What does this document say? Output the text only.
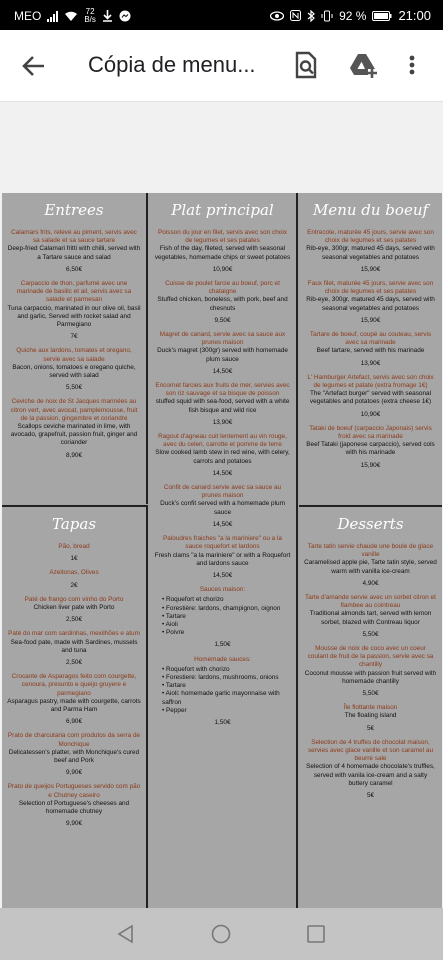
MEO	72
B/s	92 % 21:00
Cópia de menu...
Entrees
Calamars frits, relevé au piment, servis avec sa salade et sa sauce tartare
Deep-fried Calamari fritti with chilli, served with a Tartare sauce and salad
6,50€
Carpaccio de thon, parfumé avec une marinade de basilic et ail, servis avec sa salade et parmesan
Tuna carpaccio, marinated in our olive oil, basil and garlic, Served with rocket salad and Parmegiano
7€
Quiche aux lardons, tomates et oregano, servie avec sa salade
Bacon, onions, tomatoes e oregano quiche, served with salad
5,50€
Ceviche de noix de St Jacques marinées au citron vert, avec avocat, pamplemousse, fruit de la passion, gingembre et coriandre
Scallops ceviche marinated in lime, with avocado, grapefruit, passion fruit, ginger and coriander
8,90€
Plat principal
Poisson du jour en filet, servis avec son choix de legumes et ses patates
Fish of the day, fileted, served with seasonal vegetables, homemade chips or sweet potatoes
10,90€
Cuisse de poulet farcie au boeuf, porc et chataigne
Stuffed chicken, boneless, with pork, beef and chesnuts
9,50€
Magret de canard, servie avec sa sauce aux prunes maison
Duck's magret (300gr) served with homemade plum sauce
14,50€
Encornet farcies aux fruits de mer, servies avec son riz sauvage et sa bisque de poisson
stuffed squid with sea-food, served with a white fish bisque and wild rice
13,90€
Ragout d'agneau cuit lentement au vin rouge, avec du celeri, carrotte et pomme de terre
Slow cooked lamb stew in red wine, with celery, carrots and potatoes
14,50€
Confit de canard servie avec sa sauce au prunes maison
Duck's confit served with a homemade plum sauce
14,50€
Paloudres fraiches "a la mariniere" ou a la sauce roquefort et lardons
Fresh clams "a la mariniere" or with a Roquefort and lardons sauce
14,50€
Sauces maison:
• Roquefort et chorizo
• Forestière: lardons, champignon, oignon
• Tartare
• Aioli
• Poivre
1,50€
Homemade sauces:
• Roquefort with chorizo
• Forestiere: lardons, mushrooms, onions
• Tartare
• Aioli: homemade garlic mayonnaise with saffron
• Pepper
1,50€
Menu du boeuf
Entrecote, maturée 45 jours, servie avec son choix de legumes et ses patates
Rib-eye, 300gr, matured 45 days, served with seasonal vegetables and potatoes
15,90€
Faux filet, maturée 45 jours, servie avec son choix de legumes et ses patates
Rib-eye, 300gr, matured 45 days, served with seasonal vegetables and potatoes
15,90€
Tartare de boeuf, coupé au couteau, servis avec sa marinade
Beef tartare, served with his marinade
13,90€
L' Hamburger Artefact, servis avec son choix de legumes et patate (extra fromage 1€)
The "Artefact burger" served with seasonal vegetables and potatoes (extra cheese 1€)
10,90€
Tataki de boeuf (carpaccio Japonais) servis froid avec sa marinade
Beef Tataki (japonese carpaccio), served cols with his marinade
15,90€
Tapas
Pão, bread
1€
Azeitonas, Olives
2€
Paté de frango com vinho do Porto
Chicken liver pate with Porto
2,50€
Paté do mar com sardinhas, mexilhões e atum
Sea-food pate, made with Sardines, mussels and tuna
2,50€
Crocante de Asparagos feito com courgette, cenoura, presunto e queijo gruyere e parmegiano
Asparagus pastry, made with courgette, carrots and Parma Ham
6,90€
Prato de charcutaria com produtos da serra de Monchique
Delicatessen's platter, with Monchique's cured beef and Pork
9,90€
Prato de queijos Portugueses servido com pão e Chutney caseiro
Selection of Portuguese's cheeses and homemade chutney
9,90€
Desserts
Tarte tatin servie chaude une boule de glace vanille
Caramelised apple pie, Tarte tatin style, served warm with vanilla ice-cream
4,90€
Tarte d'amande servie avec un sorbet citron et flambee au cointreau
Traditional almonds tart, served with lemon sorbet, blazed with Contreau liquor
5,50€
Mousse de noix de coco avec un coeur coulant de fruit de la passion, servie avec sa chantilly
Coconut mousse with passion fruit served with homemade chantilly
5,50€
Île flottante maison
The floating island
5€
Selection de 4 truffes de chocolat maison, servies avec glace vanille et son caramel au beurre sale
Selection of 4 homemade chocolate's truffles, served with vanila ice-cream and a salty buttery caramel
5€
